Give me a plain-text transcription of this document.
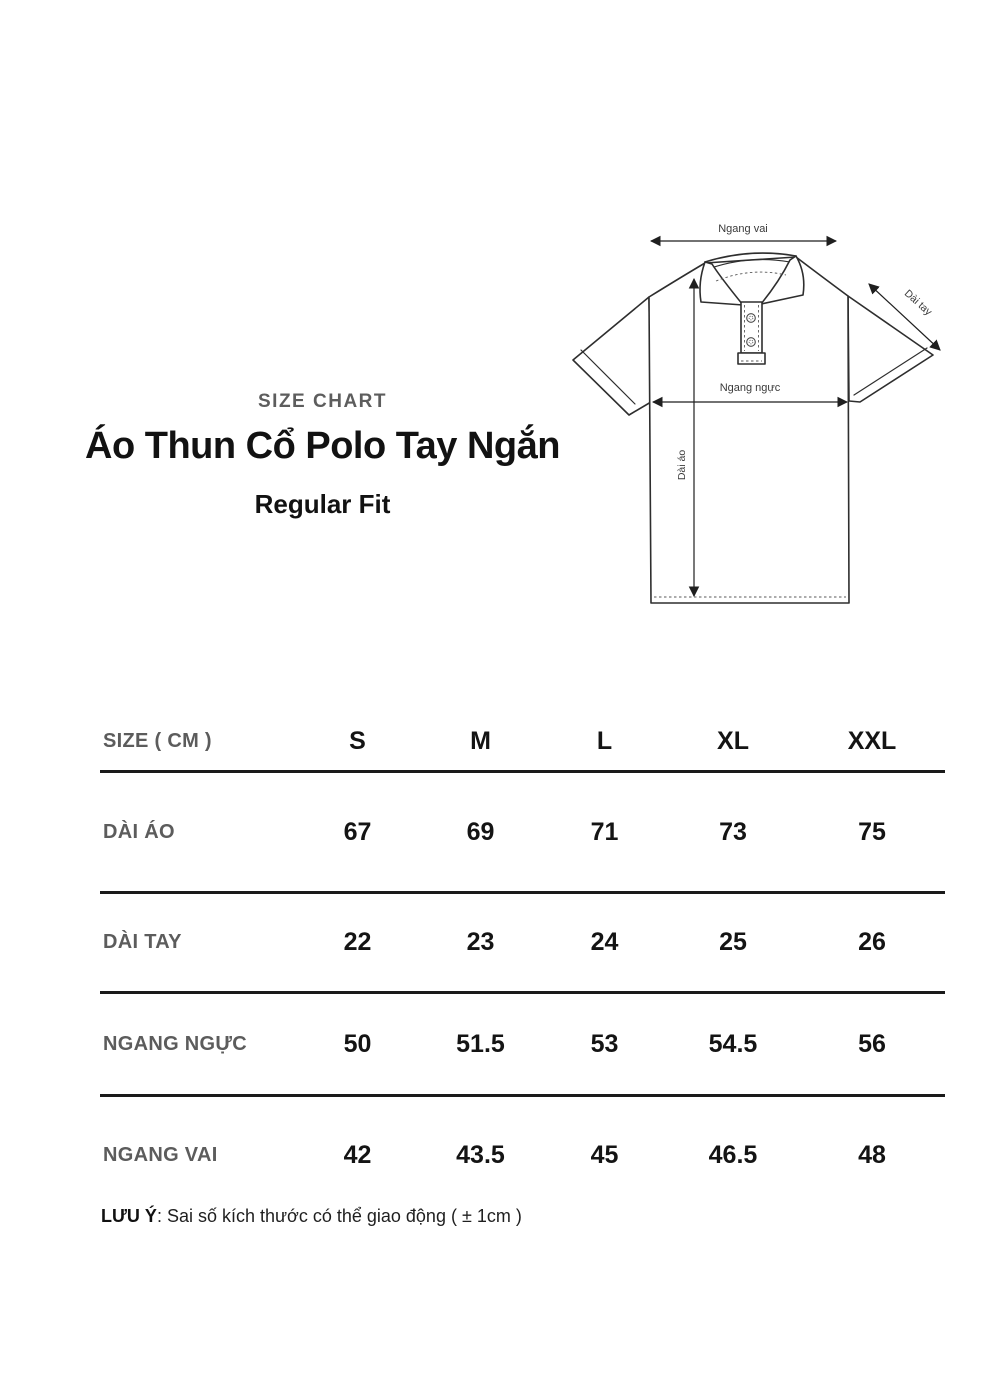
SIZE CHART
Áo Thun Cổ Polo Tay Ngắn
Regular Fit
Ngang vai
Dài tay
Ngang ngực
Dài áo
SIZE ( CM )	S	M	L	XL	XXL
DÀI ÁO	67	69	71	73	75
DÀI TAY	22	23	24	25	26
NGANG NGỰC	50	51.5	53	54.5	56
NGANG VAI	42	43.5	45	46.5	48
LƯU Ý: Sai số kích thước có thể giao động ( ± 1cm )
